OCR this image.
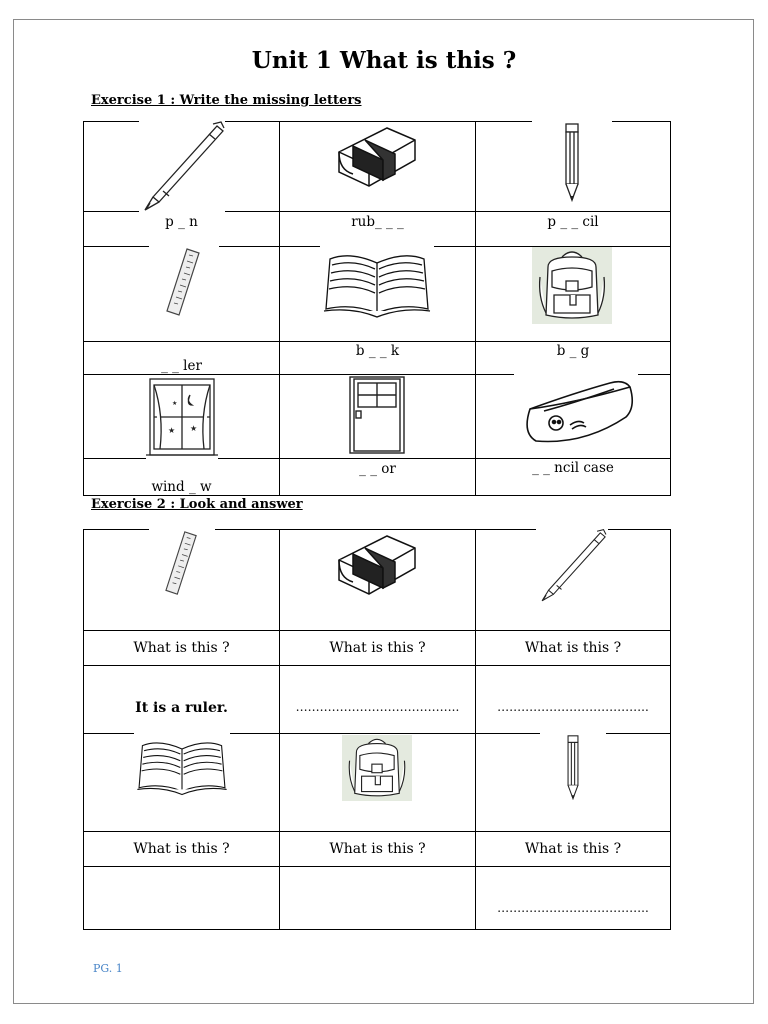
Unit 1 What is this ?
Exercise 1 : Write the missing letters

p _ n	rub_ _ _	p _ _ cil

_ _ ler	b _ _ k	b _ g

★ ★
★

wind _ w	_ _ or	_ _ ncil case
Exercise 2 : Look and answer

What is this ?	What is this ?	What is this ?

It is a ruler.	…………………………………..	………………………………..

What is this ?	What is this ?	What is this ?

		………………………………..
PG. 1
